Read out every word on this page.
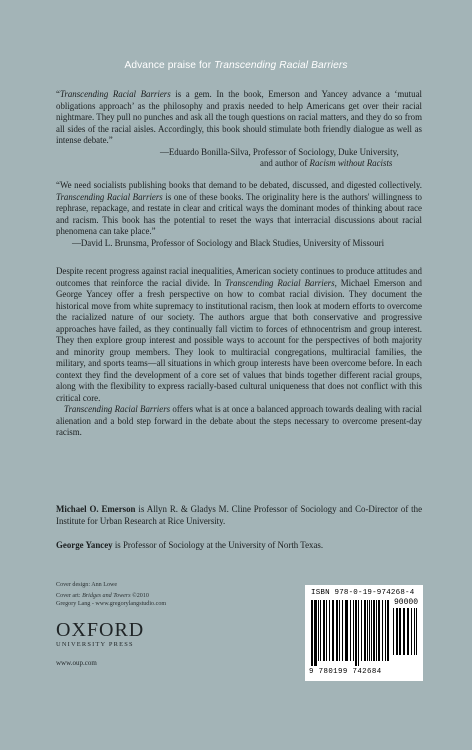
Advance praise for Transcending Racial Barriers

“Transcending Racial Barriers is a gem. In the book, Emerson and Yancey advance a ‘mutual obligations approach’ as the philosophy and praxis needed to help Americans get over their racial nightmare. They pull no punches and ask all the tough questions on racial matters, and they do so from all sides of the racial aisles. Accordingly, this book should stimulate both friendly dialogue as well as intense debate.”

—Eduardo Bonilla-Silva, Professor of Sociology, Duke University,

and author of Racism without Racists

“We need socialists publishing books that demand to be debated, discussed, and digested collectively. Transcending Racial Barriers is one of these books. The originality here is the authors' willingness to rephrase, repackage, and restate in clear and critical ways the dominant modes of thinking about race and racism. This book has the potential to reset the ways that interracial discussions about racial phenomena can take place.”

—David L. Brunsma, Professor of Sociology and Black Studies, University of Missouri

Despite recent progress against racial inequalities, American society continues to produce attitudes and outcomes that reinforce the racial divide. In Transcending Racial Barriers, Michael Emerson and George Yancey offer a fresh perspective on how to combat racial division. They document the historical move from white supremacy to institutional racism, then look at modern efforts to overcome the racialized nature of our society. The authors argue that both conservative and progressive approaches have failed, as they continually fall victim to forces of ethnocentrism and group interest. They then explore group interest and possible ways to account for the perspectives of both majority and minority group members. They look to multiracial congregations, multiracial families, the military, and sports teams—all situations in which group interests have been overcome before. In each context they find the development of a core set of values that binds together different racial groups, along with the flexibility to express racially-based cultural uniqueness that does not conflict with this critical core.

Transcending Racial Barriers offers what is at once a balanced approach towards dealing with racial alienation and a bold step forward in the debate about the steps necessary to overcome present-day racism.

Michael O. Emerson is Allyn R. & Gladys M. Cline Professor of Sociology and Co-Director of the Institute for Urban Research at Rice University.

George Yancey is Professor of Sociology at the University of North Texas.

Cover design: Ann Lowe
Cover art: Bridges and Towers ©2010
Gregory Lang - www.gregorylangstudio.com
OXFORD
UNIVERSITY PRESS
www.oup.com
ISBN 978-0-19-974268-4
90000
9 780199 742684
